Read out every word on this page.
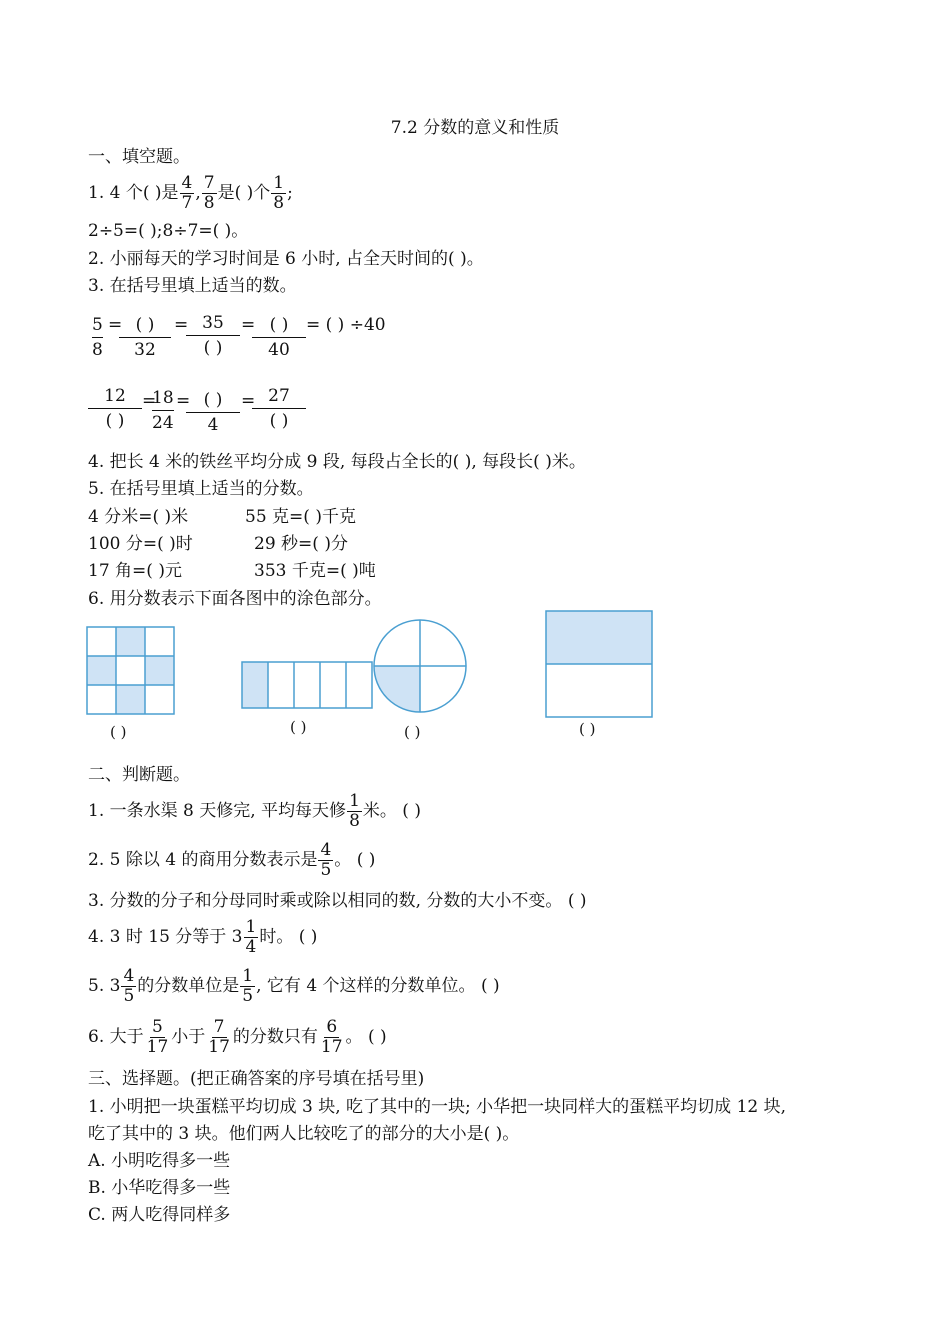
7.2 分数的意义和性质
一、填空题。
1. 4 个( )是 $\frac{4}{7}$ , $\frac{7}{8}$ 是( )个 $\frac{1}{8}$ ;
2÷5=( );8÷7=( )。
2. 小丽每天的学习时间是 6 小时, 占全天时间的( )。
3. 在括号里填上适当的数。
5
8
= ( )
32
= 35
( )
= ( )
40
= ( ) ÷40
12
( )
=
18
24
= ( )
4
= 27
( )
4. 把长 4 米的铁丝平均分成 9 段, 每段占全长的( ), 每段长( )米。
5. 在括号里填上适当的分数。
4 分米=( )米	55 克=( )千克
100 分=( )时	29 秒=( )分
17 角=( )元	353 千克=( )吨
6. 用分数表示下面各图中的涂色部分。
( )	( )	( )	( )
二、判断题。
1. 一条水渠 8 天修完, 平均每天修 $\frac{1}{8}$ 米。 ( )
2. 5 除以 4 的商用分数表示是 $\frac{4}{5}$ 。 ( )
3. 分数的分子和分母同时乘或除以相同的数, 分数的大小不变。 ( )
4. 3 时 15 分等于 $3 \frac{1}{4}$ 时。 ( )
5. $3 \frac{4}{5}$ 的分数单位是 $\frac{1}{5}$ , 它有 4 个这样的分数单位。 ( )
6. 大于 $\frac{5}{17}$ 小于 $\frac{7}{17}$ 的分数只有 $\frac{6}{17}$ 。 ( )
三、选择题。(把正确答案的序号填在括号里)
1. 小明把一块蛋糕平均切成 3 块, 吃了其中的一块; 小华把一块同样大的蛋糕平均切成 12 块,
吃了其中的 3 块。他们两人比较吃了的部分的大小是( )。
A. 小明吃得多一些
B. 小华吃得多一些
C. 两人吃得同样多
